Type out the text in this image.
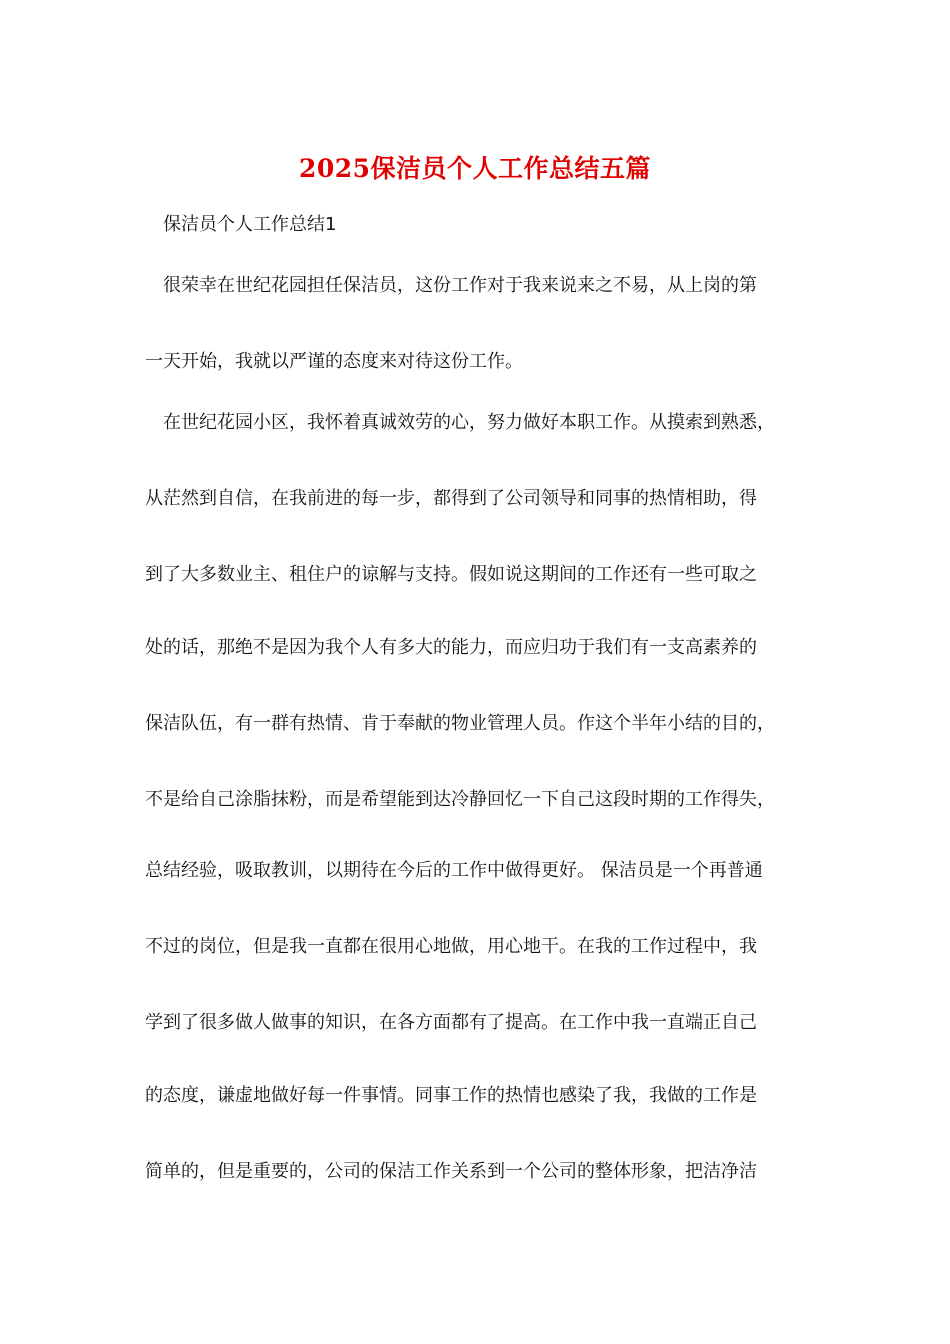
2025保洁员个人工作总结五篇
保洁员个人工作总结1
　很荣幸在世纪花园担任保洁员，这份工作对于我来说来之不易，从上岗的第
一天开始，我就以严谨的态度来对待这份工作。
　在世纪花园小区，我怀着真诚效劳的心，努力做好本职工作。从摸索到熟悉，
从茫然到自信，在我前进的每一步，都得到了公司领导和同事的热情相助，得
到了大多数业主、租住户的谅解与支持。假如说这期间的工作还有一些可取之
处的话，那绝不是因为我个人有多大的能力，而应归功于我们有一支高素养的
保洁队伍，有一群有热情、肯于奉献的物业管理人员。作这个半年小结的目的，
不是给自己涂脂抹粉，而是希望能到达冷静回忆一下自己这段时期的工作得失，
总结经验，吸取教训，以期待在今后的工作中做得更好。 保洁员是一个再普通
不过的岗位，但是我一直都在很用心地做，用心地干。在我的工作过程中，我
学到了很多做人做事的知识，在各方面都有了提高。在工作中我一直端正自己
的态度，谦虚地做好每一件事情。同事工作的热情也感染了我，我做的工作是
简单的，但是重要的，公司的保洁工作关系到一个公司的整体形象，把洁净洁
